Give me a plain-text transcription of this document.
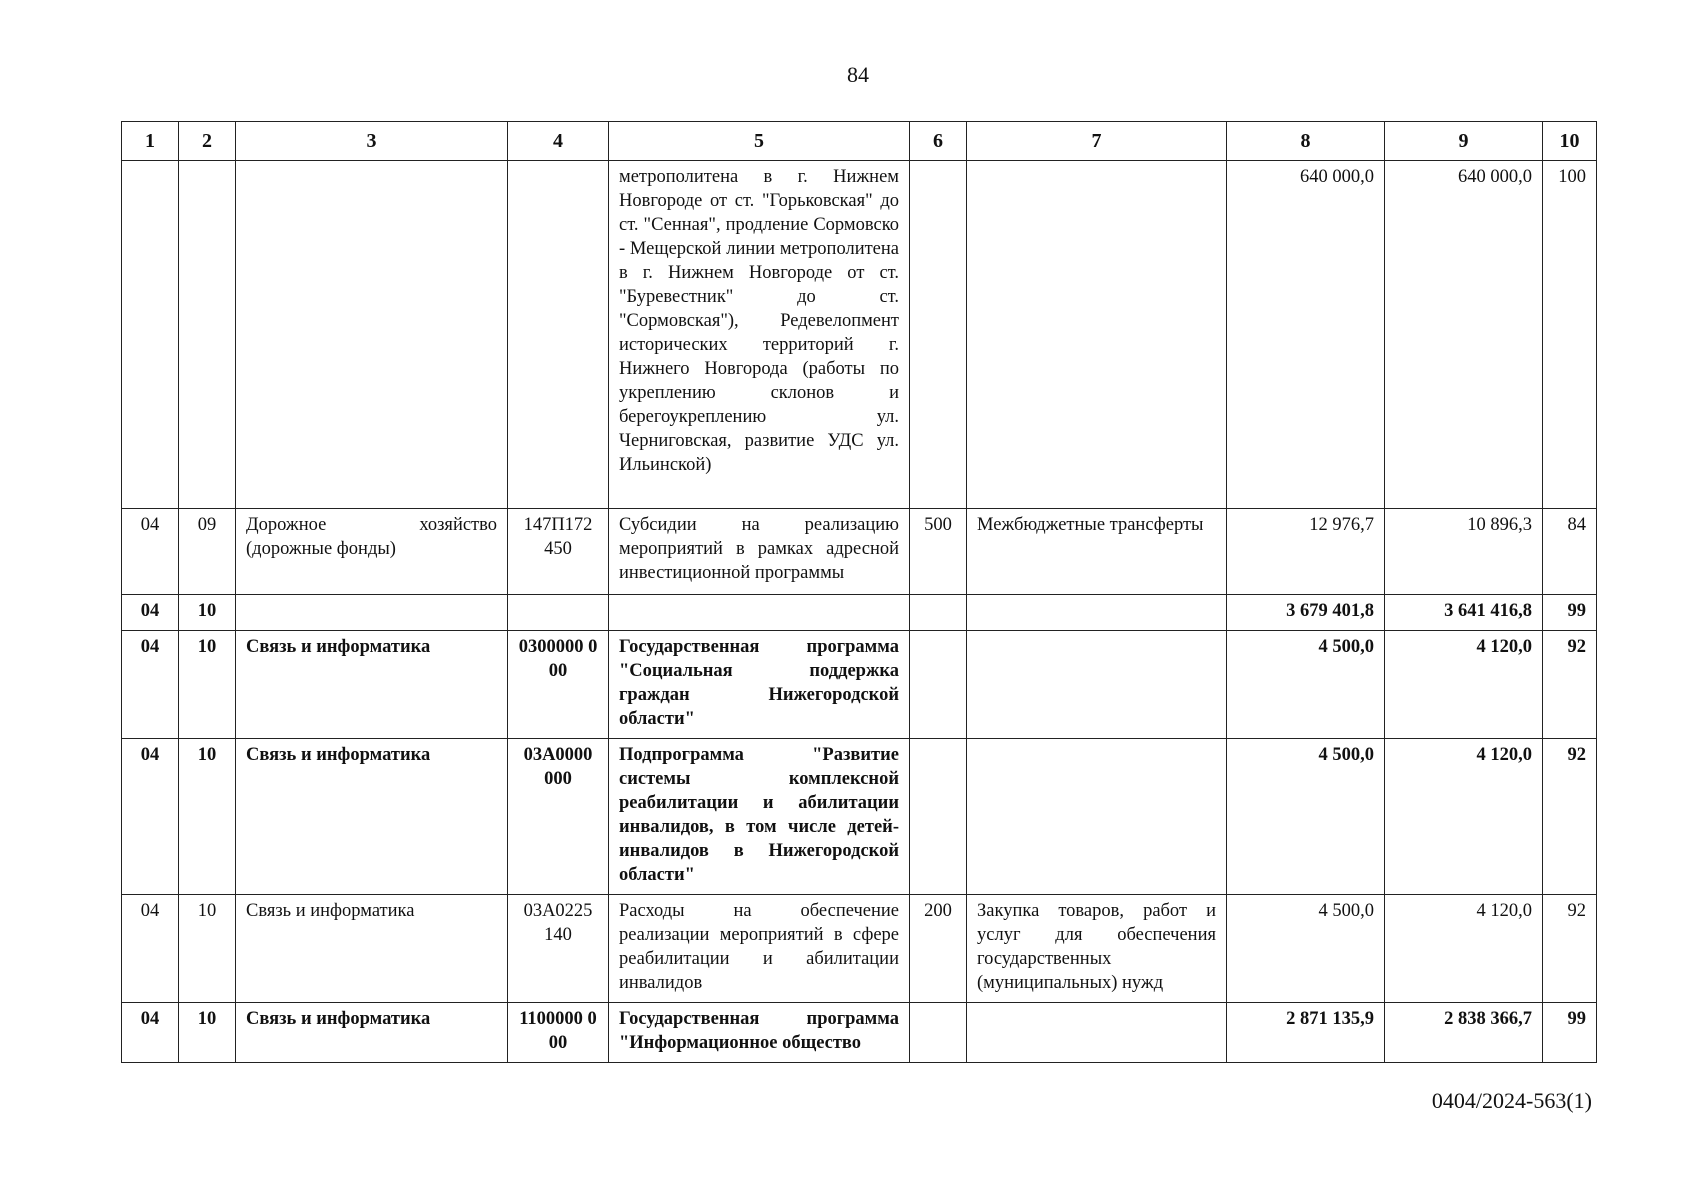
84
1	2	3	4	5	6	7	8	9	10
				метрополитена в г. Нижнем Новгороде от ст. "Горьковская" до ст. "Сенная", продление Сормовско - Мещерской линии метрополитена в г. Нижнем Новгороде от ст. "Буревестник" до ст. "Сормовская"), Редевелопмент исторических территорий г. Нижнего Новгорода (работы по укреплению склонов и берегоукреплению ул. Черниговская, развитие УДС ул. Ильинской)			640 000,0	640 000,0	100
04	09	Дорожное хозяйство (дорожные фонды)	147П172 450	Субсидии на реализацию мероприятий в рамках адресной инвестиционной программы	500	Межбюджетные трансферты	12 976,7	10 896,3	84
04	10						3 679 401,8	3 641 416,8	99
04	10	Связь и информатика	0300000 000	Государственная программа "Социальная поддержка граждан Нижегородской области"			4 500,0	4 120,0	92
04	10	Связь и информатика	03А0000 000	Подпрограмма "Развитие системы комплексной реабилитации и абилитации инвалидов, в том числе детей-инвалидов в Нижегородской области"			4 500,0	4 120,0	92
04	10	Связь и информатика	03А0225 140	Расходы на обеспечение реализации мероприятий в сфере реабилитации и абилитации инвалидов	200	Закупка товаров, работ и услуг для обеспечения государственных (муниципальных) нужд	4 500,0	4 120,0	92
04	10	Связь и информатика	1100000 000	Государственная программа "Информационное общество			2 871 135,9	2 838 366,7	99
0404/2024-563(1)
